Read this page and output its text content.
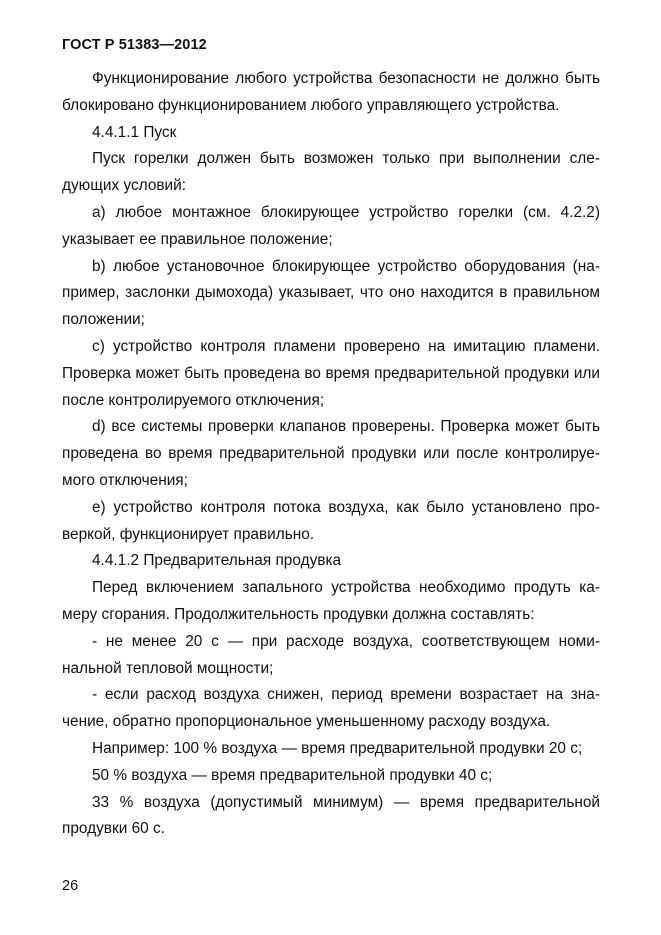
ГОСТ Р 51383—2012

Функционирование любого устройства безопасности не должно быть блокировано функционированием любого управляющего устройства.

4.4.1.1 Пуск

Пуск горелки должен быть возможен только при выполнении следующих условий:

а) любое монтажное блокирующее устройство горелки (см. 4.2.2) указывает ее правильное положение;

b) любое установочное блокирующее устройство оборудования (например, заслонки дымохода) указывает, что оно находится в правильном положении;

с) устройство контроля пламени проверено на имитацию пламени. Проверка может быть проведена во время предварительной продувки или после контролируемого отключения;

d) все системы проверки клапанов проверены. Проверка может быть проведена во время предварительной продувки или после контролируемого отключения;

е) устройство контроля потока воздуха, как было установлено проверкой, функционирует правильно.

4.4.1.2 Предварительная продувка

Перед включением запального устройства необходимо продуть камеру сгорания. Продолжительность продувки должна составлять:

- не менее 20 с — при расходе воздуха, соответствующем номинальной тепловой мощности;

- если расход воздуха снижен, период времени возрастает на значение, обратно пропорциональное уменьшенному расходу воздуха.

Например: 100 % воздуха — время предварительной продувки 20 с;

50 % воздуха — время предварительной продувки 40 с;

33 % воздуха (допустимый минимум) — время предварительной продувки 60 с.

26
